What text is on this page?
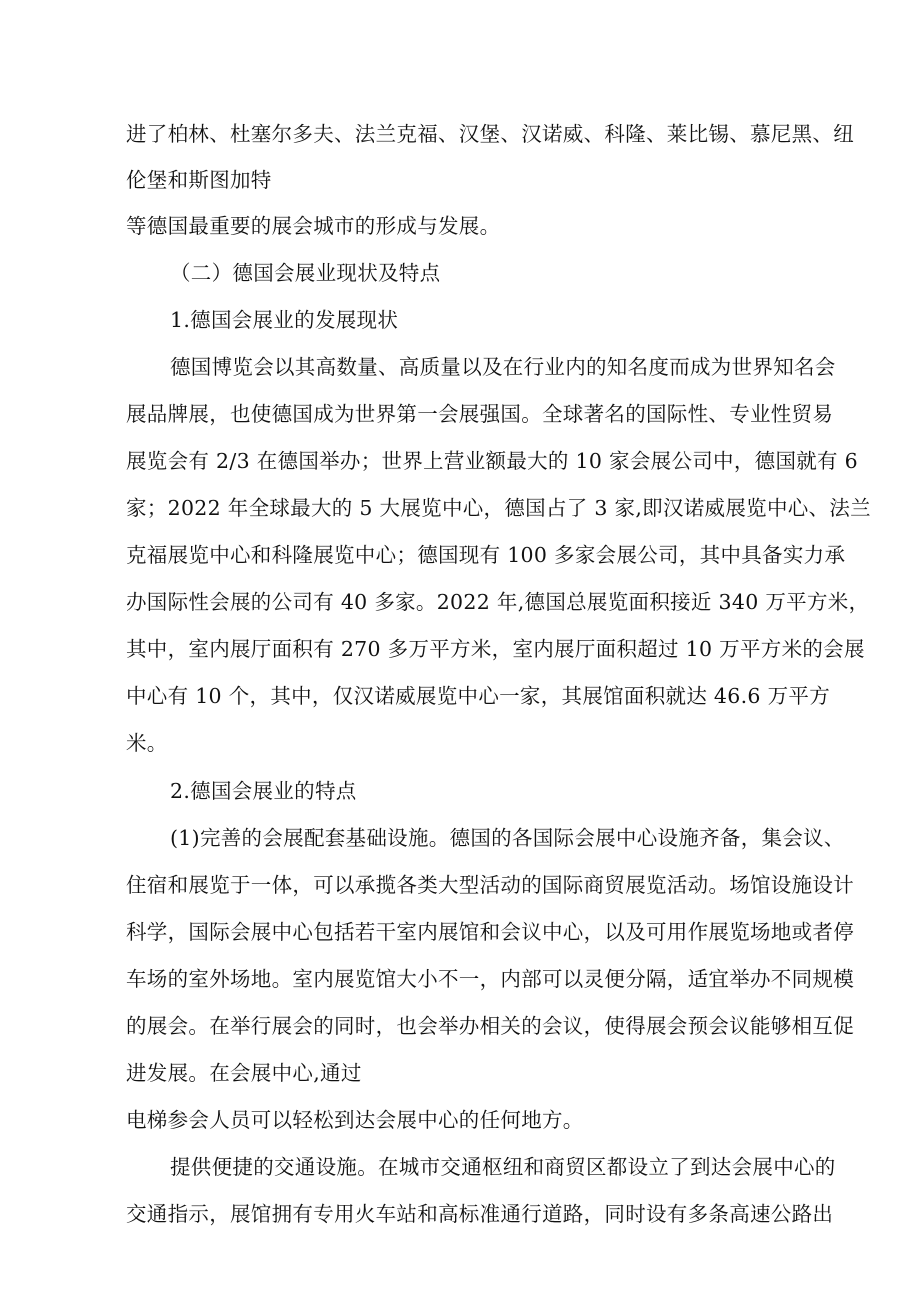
进了柏林、杜塞尔多夫、法兰克福、汉堡、汉诺威、科隆、莱比锡、慕尼黑、纽
伦堡和斯图加特
等德国最重要的展会城市的形成与发展。
（二）德国会展业现状及特点
1.德国会展业的发展现状
德国博览会以其高数量、高质量以及在行业内的知名度而成为世界知名会
展品牌展，也使德国成为世界第一会展强国。全球著名的国际性、专业性贸易
展览会有 2/3 在德国举办；世界上营业额最大的 10 家会展公司中，德国就有 6
家；2022 年全球最大的 5 大展览中心，德国占了 3 家,即汉诺威展览中心、法兰
克福展览中心和科隆展览中心；德国现有 100 多家会展公司，其中具备实力承
办国际性会展的公司有 40 多家。2022 年,德国总展览面积接近 340 万平方米，
其中，室内展厅面积有 270 多万平方米，室内展厅面积超过 10 万平方米的会展
中心有 10 个，其中，仅汉诺威展览中心一家，其展馆面积就达 46.6 万平方
米。
2.德国会展业的特点
(1)完善的会展配套基础设施。德国的各国际会展中心设施齐备，集会议、
住宿和展览于一体，可以承揽各类大型活动的国际商贸展览活动。场馆设施设计
科学，国际会展中心包括若干室内展馆和会议中心，以及可用作展览场地或者停
车场的室外场地。室内展览馆大小不一，内部可以灵便分隔，适宜举办不同规模
的展会。在举行展会的同时，也会举办相关的会议，使得展会预会议能够相互促
进发展。在会展中心,通过
电梯参会人员可以轻松到达会展中心的任何地方。
提供便捷的交通设施。在城市交通枢纽和商贸区都设立了到达会展中心的
交通指示，展馆拥有专用火车站和高标准通行道路，同时设有多条高速公路出
